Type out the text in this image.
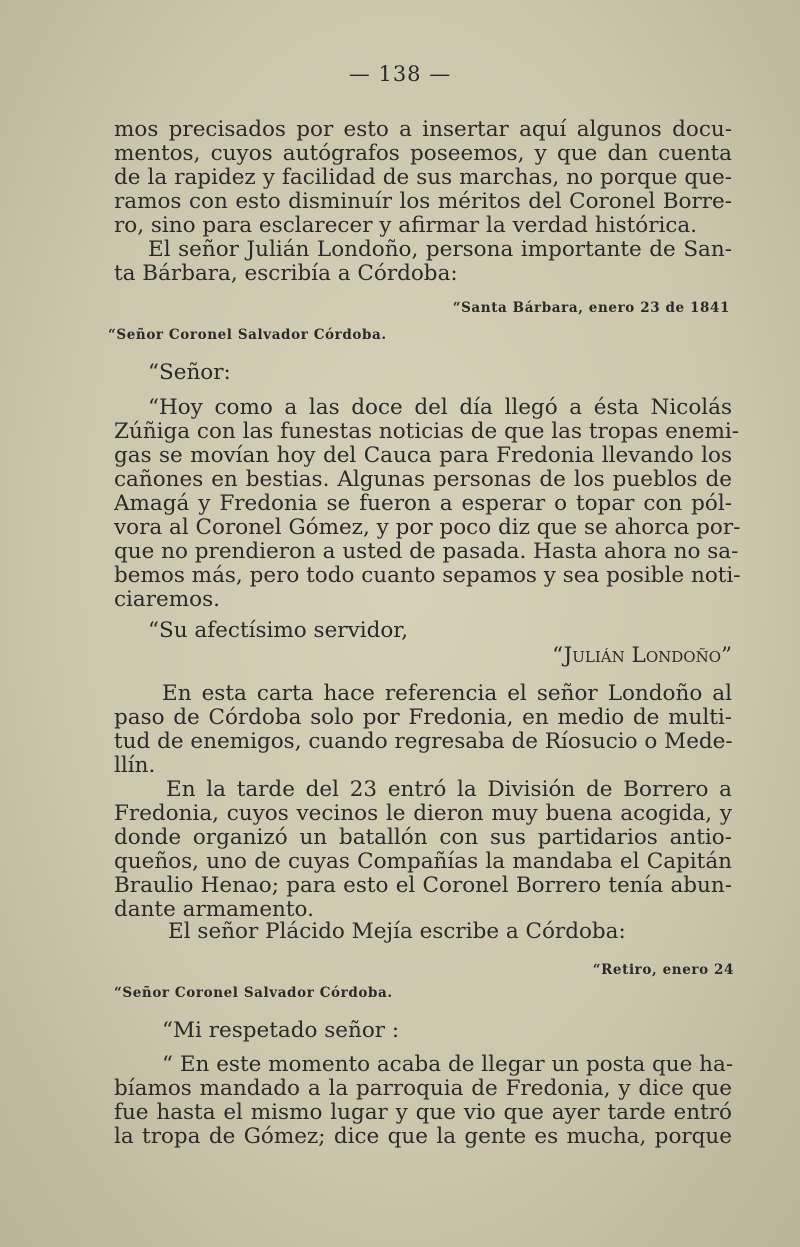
— 138 —
mos precisados por esto a insertar aquí algunos docu-
mentos, cuyos autógrafos poseemos, y que dan cuenta
de la rapidez y facilidad de sus marchas, no porque que-
ramos con esto disminuír los méritos del Coronel Borre-
ro, sino para esclarecer y afirmar la verdad histórica.
El señor Julián Londoño, persona importante de San-
ta Bárbara, escribía a Córdoba:
“Santa Bárbara, enero 23 de 1841
“Señor Coronel Salvador Córdoba.
“Señor:
“Hoy como a las doce del día llegó a ésta Nicolás
Zúñiga con las funestas noticias de que las tropas enemi-
gas se movían hoy del Cauca para Fredonia llevando los
cañones en bestias. Algunas personas de los pueblos de
Amagá y Fredonia se fueron a esperar o topar con pól-
vora al Coronel Gómez, y por poco diz que se ahorca por-
que no prendieron a usted de pasada. Hasta ahora no sa-
bemos más, pero todo cuanto sepamos y sea posible noti-
ciaremos.
“Su afectísimo servidor,
“Julián Londoño”
En esta carta hace referencia el señor Londoño al
paso de Córdoba solo por Fredonia, en medio de multi-
tud de enemigos, cuando regresaba de Ríosucio o Mede-
llín.
En la tarde del 23 entró la División de Borrero a
Fredonia, cuyos vecinos le dieron muy buena acogida, y
donde organizó un batallón con sus partidarios antio-
queños, uno de cuyas Compañías la mandaba el Capitán
Braulio Henao; para esto el Coronel Borrero tenía abun-
dante armamento.
El señor Plácido Mejía escribe a Córdoba:
“Retiro, enero 24
“Señor Coronel Salvador Córdoba.
“Mi respetado señor :
“ En este momento acaba de llegar un posta que ha-
bíamos mandado a la parroquia de Fredonia, y dice que
fue hasta el mismo lugar y que vio que ayer tarde entró
la tropa de Gómez; dice que la gente es mucha, porque
